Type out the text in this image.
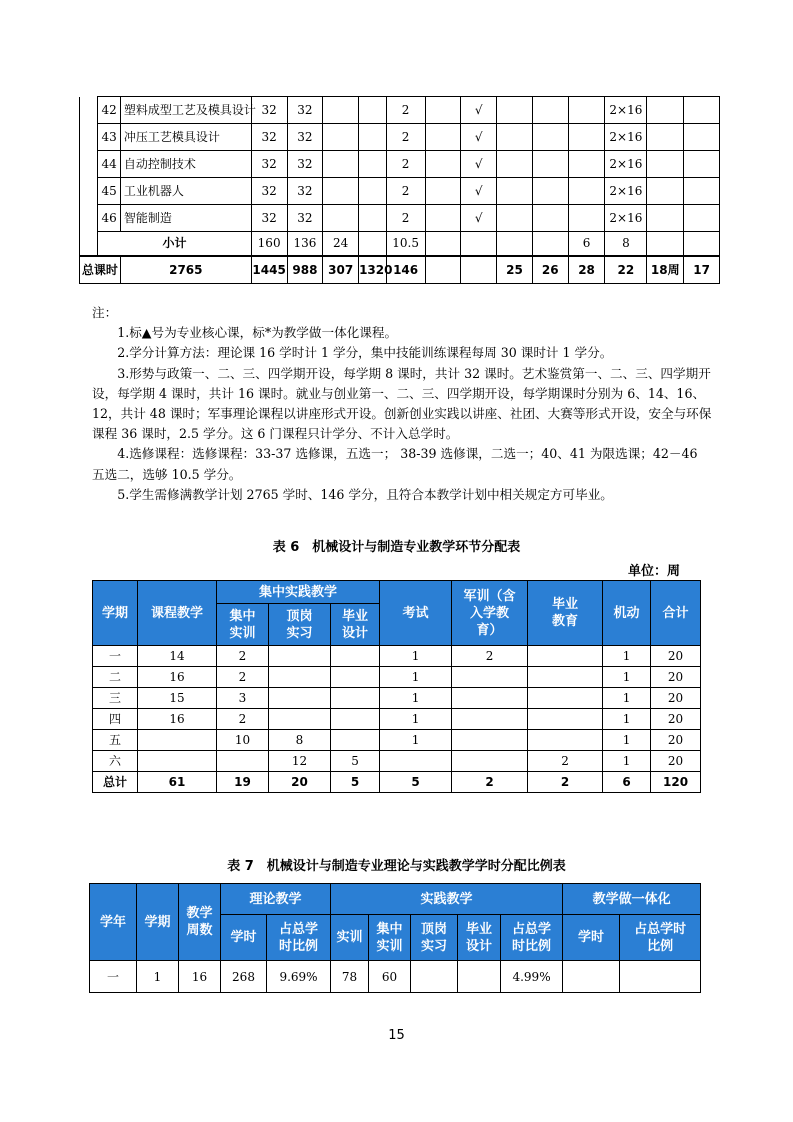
	42	塑料成型工艺及模具设计	32	32			2		√				2×16		
	43	冲压工艺模具设计	32	32			2		√				2×16		
	44	自动控制技术	32	32			2		√				2×16		
	45	工业机器人	32	32			2		√				2×16		
	46	智能制造	32	32			2		√				2×16		
	小计		160	136	24		10.5					6	8		
总课时		2765	1445	988	307	1320	146			25	26	28	22	18周	17

注：

1.标▲号为专业核心课，标*为教学做一体化课程。

2.学分计算方法：理论课 16 学时计 1 学分，集中技能训练课程每周 30 课时计 1 学分。

3.形势与政策一、二、三、四学期开设，每学期 8 课时，共计 32 课时。艺术鉴赏第一、二、三、四学期开设，每学期 4 课时，共计 16 课时。就业与创业第一、二、三、四学期开设，每学期课时分别为 6、14、16、12，共计 48 课时；军事理论课程以讲座形式开设。创新创业实践以讲座、社团、大赛等形式开设，安全与环保课程 36 课时，2.5 学分。这 6 门课程只计学分、不计入总学时。

4.选修课程：选修课程：33-37 选修课，五选一； 38-39 选修课，二选一；40、41 为限选课；42－46 五选二，选够 10.5 学分。

5.学生需修满教学计划 2765 学时、146 学分，且符合本教学计划中相关规定方可毕业。

表 6　机械设计与制造专业教学环节分配表
单位：周
学期	课程教学	集中实践教学			考试	军训（含入学教育）	毕业教育	机动	合计
		集中实训	顶岗实习	毕业设计					
一	14	2			1	2		1	20
二	16	2			1			1	20
三	15	3			1			1	20
四	16	2			1			1	20
五		10	8		1			1	20
六			12	5			2	1	20
总计	61	19	20	5	5	2	2	6	120
表 7　机械设计与制造专业理论与实践教学学时分配比例表
学年	学期	教学周数	理论教学		实践教学					教学做一体化	
			学时	占总学时比例	实训	集中实训	顶岗实习	毕业设计	占总学时比例	学时	占总学时比例
一	1	16	268	9.69%	78	60			4.99%		
15
